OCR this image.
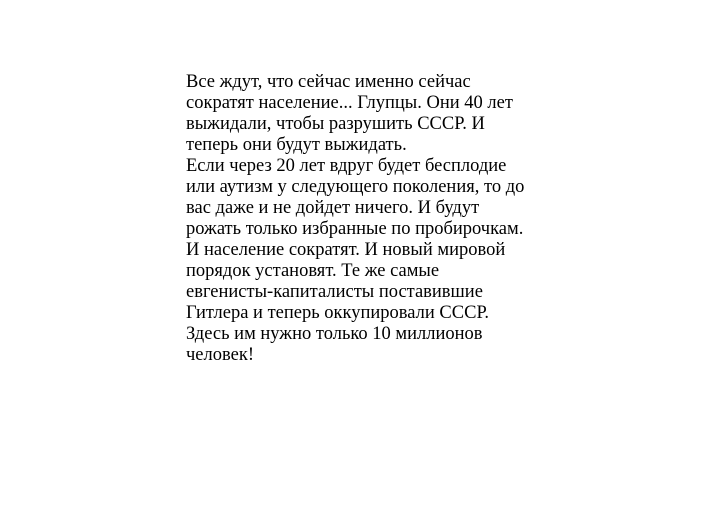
Все ждут, что сейчас именно сейчас
сократят население... Глупцы. Они 40 лет
выжидали, чтобы разрушить СССР. И
теперь они будут выжидать.
Если через 20 лет вдруг будет бесплодие
или аутизм у следующего поколения, то до
вас даже и не дойдет ничего. И будут
рожать только избранные по пробирочкам.
И население сократят. И новый мировой
порядок установят. Те же самые
евгенисты-капиталисты поставившие
Гитлера и теперь оккупировали СССР.
Здесь им нужно только 10 миллионов
человек!
